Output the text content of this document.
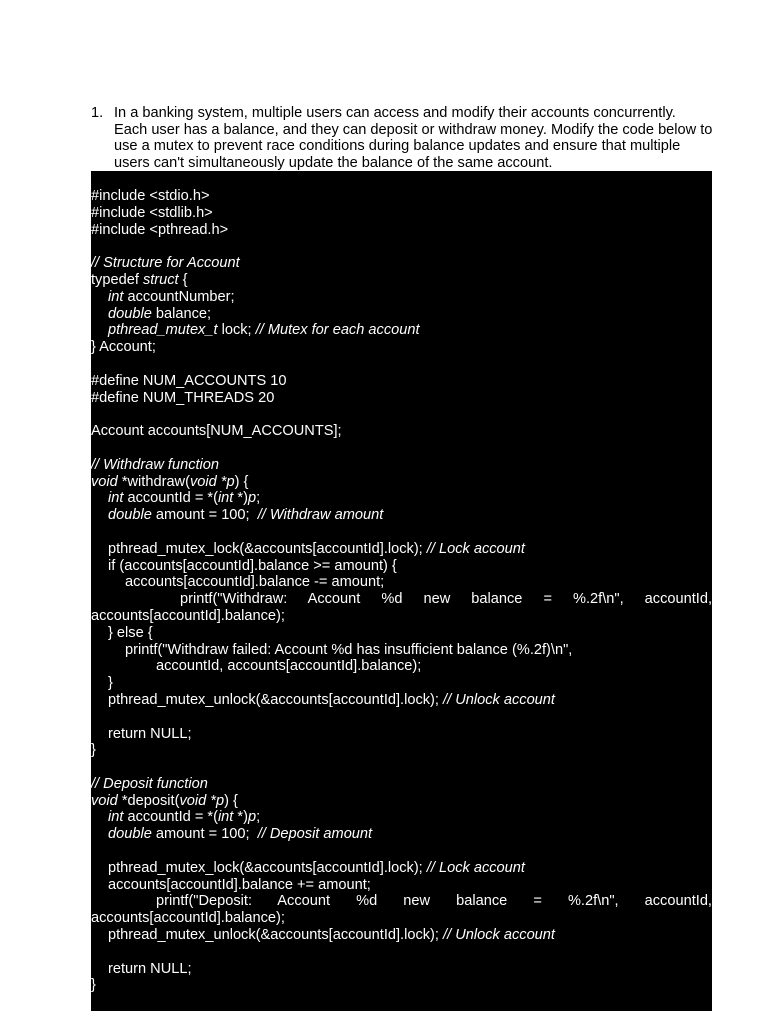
1. In a banking system, multiple users can access and modify their accounts concurrently. Each user has a balance, and they can deposit or withdraw money. Modify the code below to use a mutex to prevent race conditions during balance updates and ensure that multiple users can't simultaneously update the balance of the same account.
#include <stdio.h>
#include <stdlib.h>
#include <pthread.h>
// Structure for Account
typedef struct {
int accountNumber;
double balance;
pthread_mutex_t lock; // Mutex for each account
} Account;
#define NUM_ACCOUNTS 10
#define NUM_THREADS 20
Account accounts[NUM_ACCOUNTS];
// Withdraw function
void *withdraw(void *p) {
int accountId = *(int *)p;
double amount = 100;  // Withdraw amount
pthread_mutex_lock(&accounts[accountId].lock); // Lock account
if (accounts[accountId].balance >= amount) {
accounts[accountId].balance -= amount;
printf("Withdraw: Account %d new balance = %.2f\n", accountId,
accounts[accountId].balance);
} else {
printf("Withdraw failed: Account %d has insufficient balance (%.2f)\n",
accountId, accounts[accountId].balance);
}
pthread_mutex_unlock(&accounts[accountId].lock); // Unlock account
return NULL;
}
// Deposit function
void *deposit(void *p) {
int accountId = *(int *)p;
double amount = 100;  // Deposit amount
pthread_mutex_lock(&accounts[accountId].lock); // Lock account
accounts[accountId].balance += amount;
printf("Deposit: Account %d new balance = %.2f\n", accountId,
accounts[accountId].balance);
pthread_mutex_unlock(&accounts[accountId].lock); // Unlock account
return NULL;
}
